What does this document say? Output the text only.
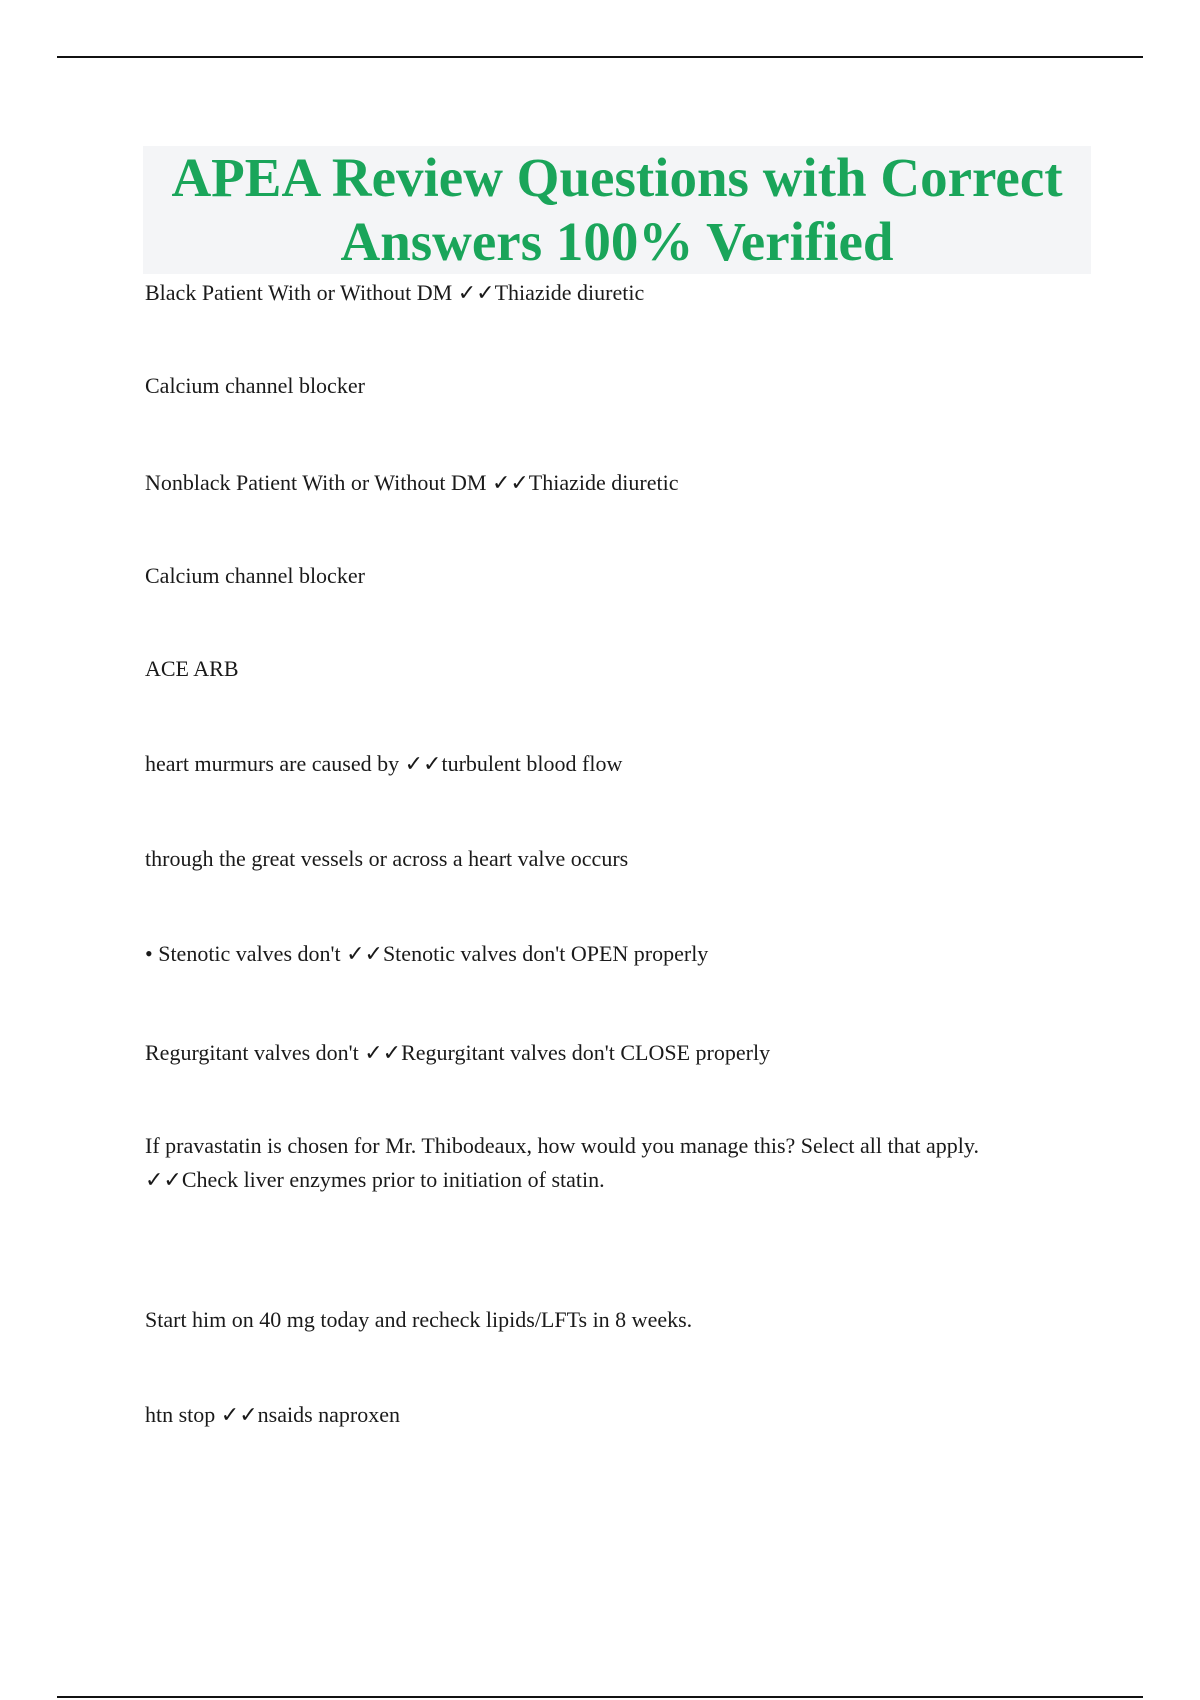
APEA Review Questions with Correct
Answers 100% Verified

Black Patient With or Without DM ✓✓Thiazide diuretic

Calcium channel blocker

Nonblack Patient With or Without DM ✓✓Thiazide diuretic

Calcium channel blocker

ACE ARB

heart murmurs are caused by ✓✓turbulent blood flow

through the great vessels or across a heart valve occurs

• Stenotic valves don't ✓✓Stenotic valves don't OPEN properly

Regurgitant valves don't ✓✓Regurgitant valves don't CLOSE properly

If pravastatin is chosen for Mr. Thibodeaux, how would you manage this? Select all that apply.

✓✓Check liver enzymes prior to initiation of statin.

Start him on 40 mg today and recheck lipids/LFTs in 8 weeks.

htn stop ✓✓nsaids naproxen
